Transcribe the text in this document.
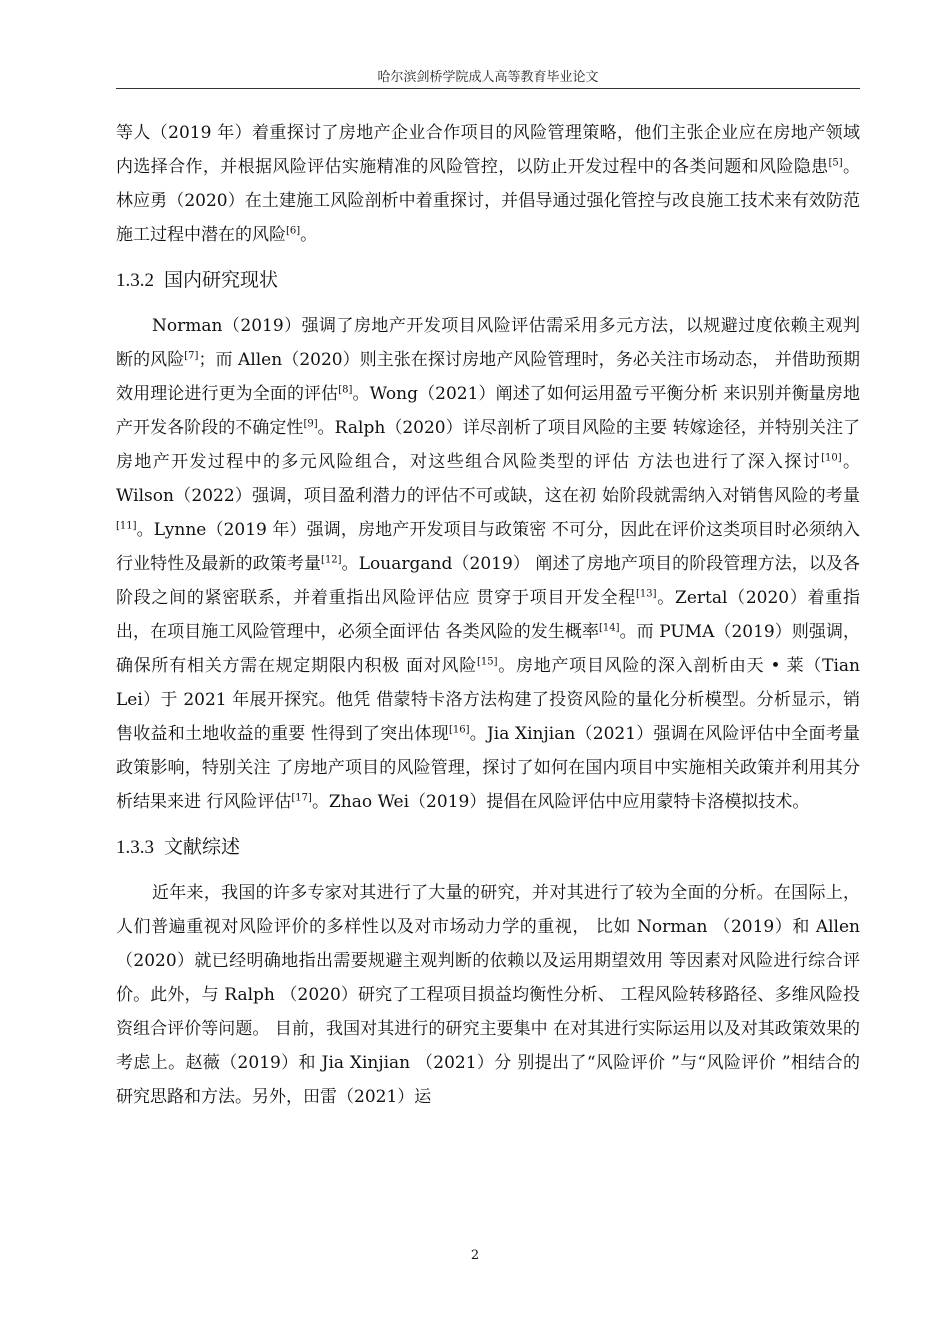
哈尔滨剑桥学院成人高等教育毕业论文

等人（2019 年）着重探讨了房地产企业合作项目的风险管理策略，他们主张企业应在房地产领域内选择合作，并根据风险评估实施精准的风险管控，以防止开发过程中的各类问题和风险隐患[5]。林应勇（2020）在土建施工风险剖析中着重探讨，并倡导通过强化管控与改良施工技术来有效防范施工过程中潜在的风险[6]。

1.3.2 国内研究现状

Norman（2019）强调了房地产开发项目风险评估需采用多元方法，以规避过度依赖主观判断的风险[7]；而 Allen（2020）则主张在探讨房地产风险管理时，务必关注市场动态， 并借助预期效用理论进行更为全面的评估[8]。Wong（2021）阐述了如何运用盈亏平衡分析 来识别并衡量房地产开发各阶段的不确定性[9]。Ralph（2020）详尽剖析了项目风险的主要 转嫁途径，并特别关注了房地产开发过程中的多元风险组合，对这些组合风险类型的评估 方法也进行了深入探讨[10]。Wilson（2022）强调，项目盈利潜力的评估不可或缺，这在初 始阶段就需纳入对销售风险的考量[11]。Lynne（2019 年）强调，房地产开发项目与政策密 不可分，因此在评价这类项目时必须纳入行业特性及最新的政策考量[12]。Louargand（2019） 阐述了房地产项目的阶段管理方法，以及各阶段之间的紧密联系，并着重指出风险评估应 贯穿于项目开发全程[13]。Zertal（2020）着重指出，在项目施工风险管理中，必须全面评估 各类风险的发生概率[14]。而 PUMA（2019）则强调，确保所有相关方需在规定期限内积极 面对风险[15]。房地产项目风险的深入剖析由天 • 莱（Tian Lei）于 2021 年展开探究。他凭 借蒙特卡洛方法构建了投资风险的量化分析模型。分析显示，销售收益和土地收益的重要 性得到了突出体现[16]。Jia Xinjian（2021）强调在风险评估中全面考量政策影响，特别关注 了房地产项目的风险管理，探讨了如何在国内项目中实施相关政策并利用其分析结果来进 行风险评估[17]。Zhao Wei（2019）提倡在风险评估中应用蒙特卡洛模拟技术。

1.3.3 文献综述

近年来，我国的许多专家对其进行了大量的研究，并对其进行了较为全面的分析。在国际上，人们普遍重视对风险评价的多样性以及对市场动力学的重视， 比如 Norman （2019）和 Allen （2020）就已经明确地指出需要规避主观判断的依赖以及运用期望效用 等因素对风险进行综合评价。此外，与 Ralph （2020）研究了工程项目损益均衡性分析、 工程风险转移路径、多维风险投资组合评价等问题。 目前，我国对其进行的研究主要集中 在对其进行实际运用以及对其政策效果的考虑上。赵薇（2019）和 Jia Xinjian （2021）分 别提出了“风险评价 ”与“风险评价 ”相结合的研究思路和方法。另外，田雷（2021）运

2
